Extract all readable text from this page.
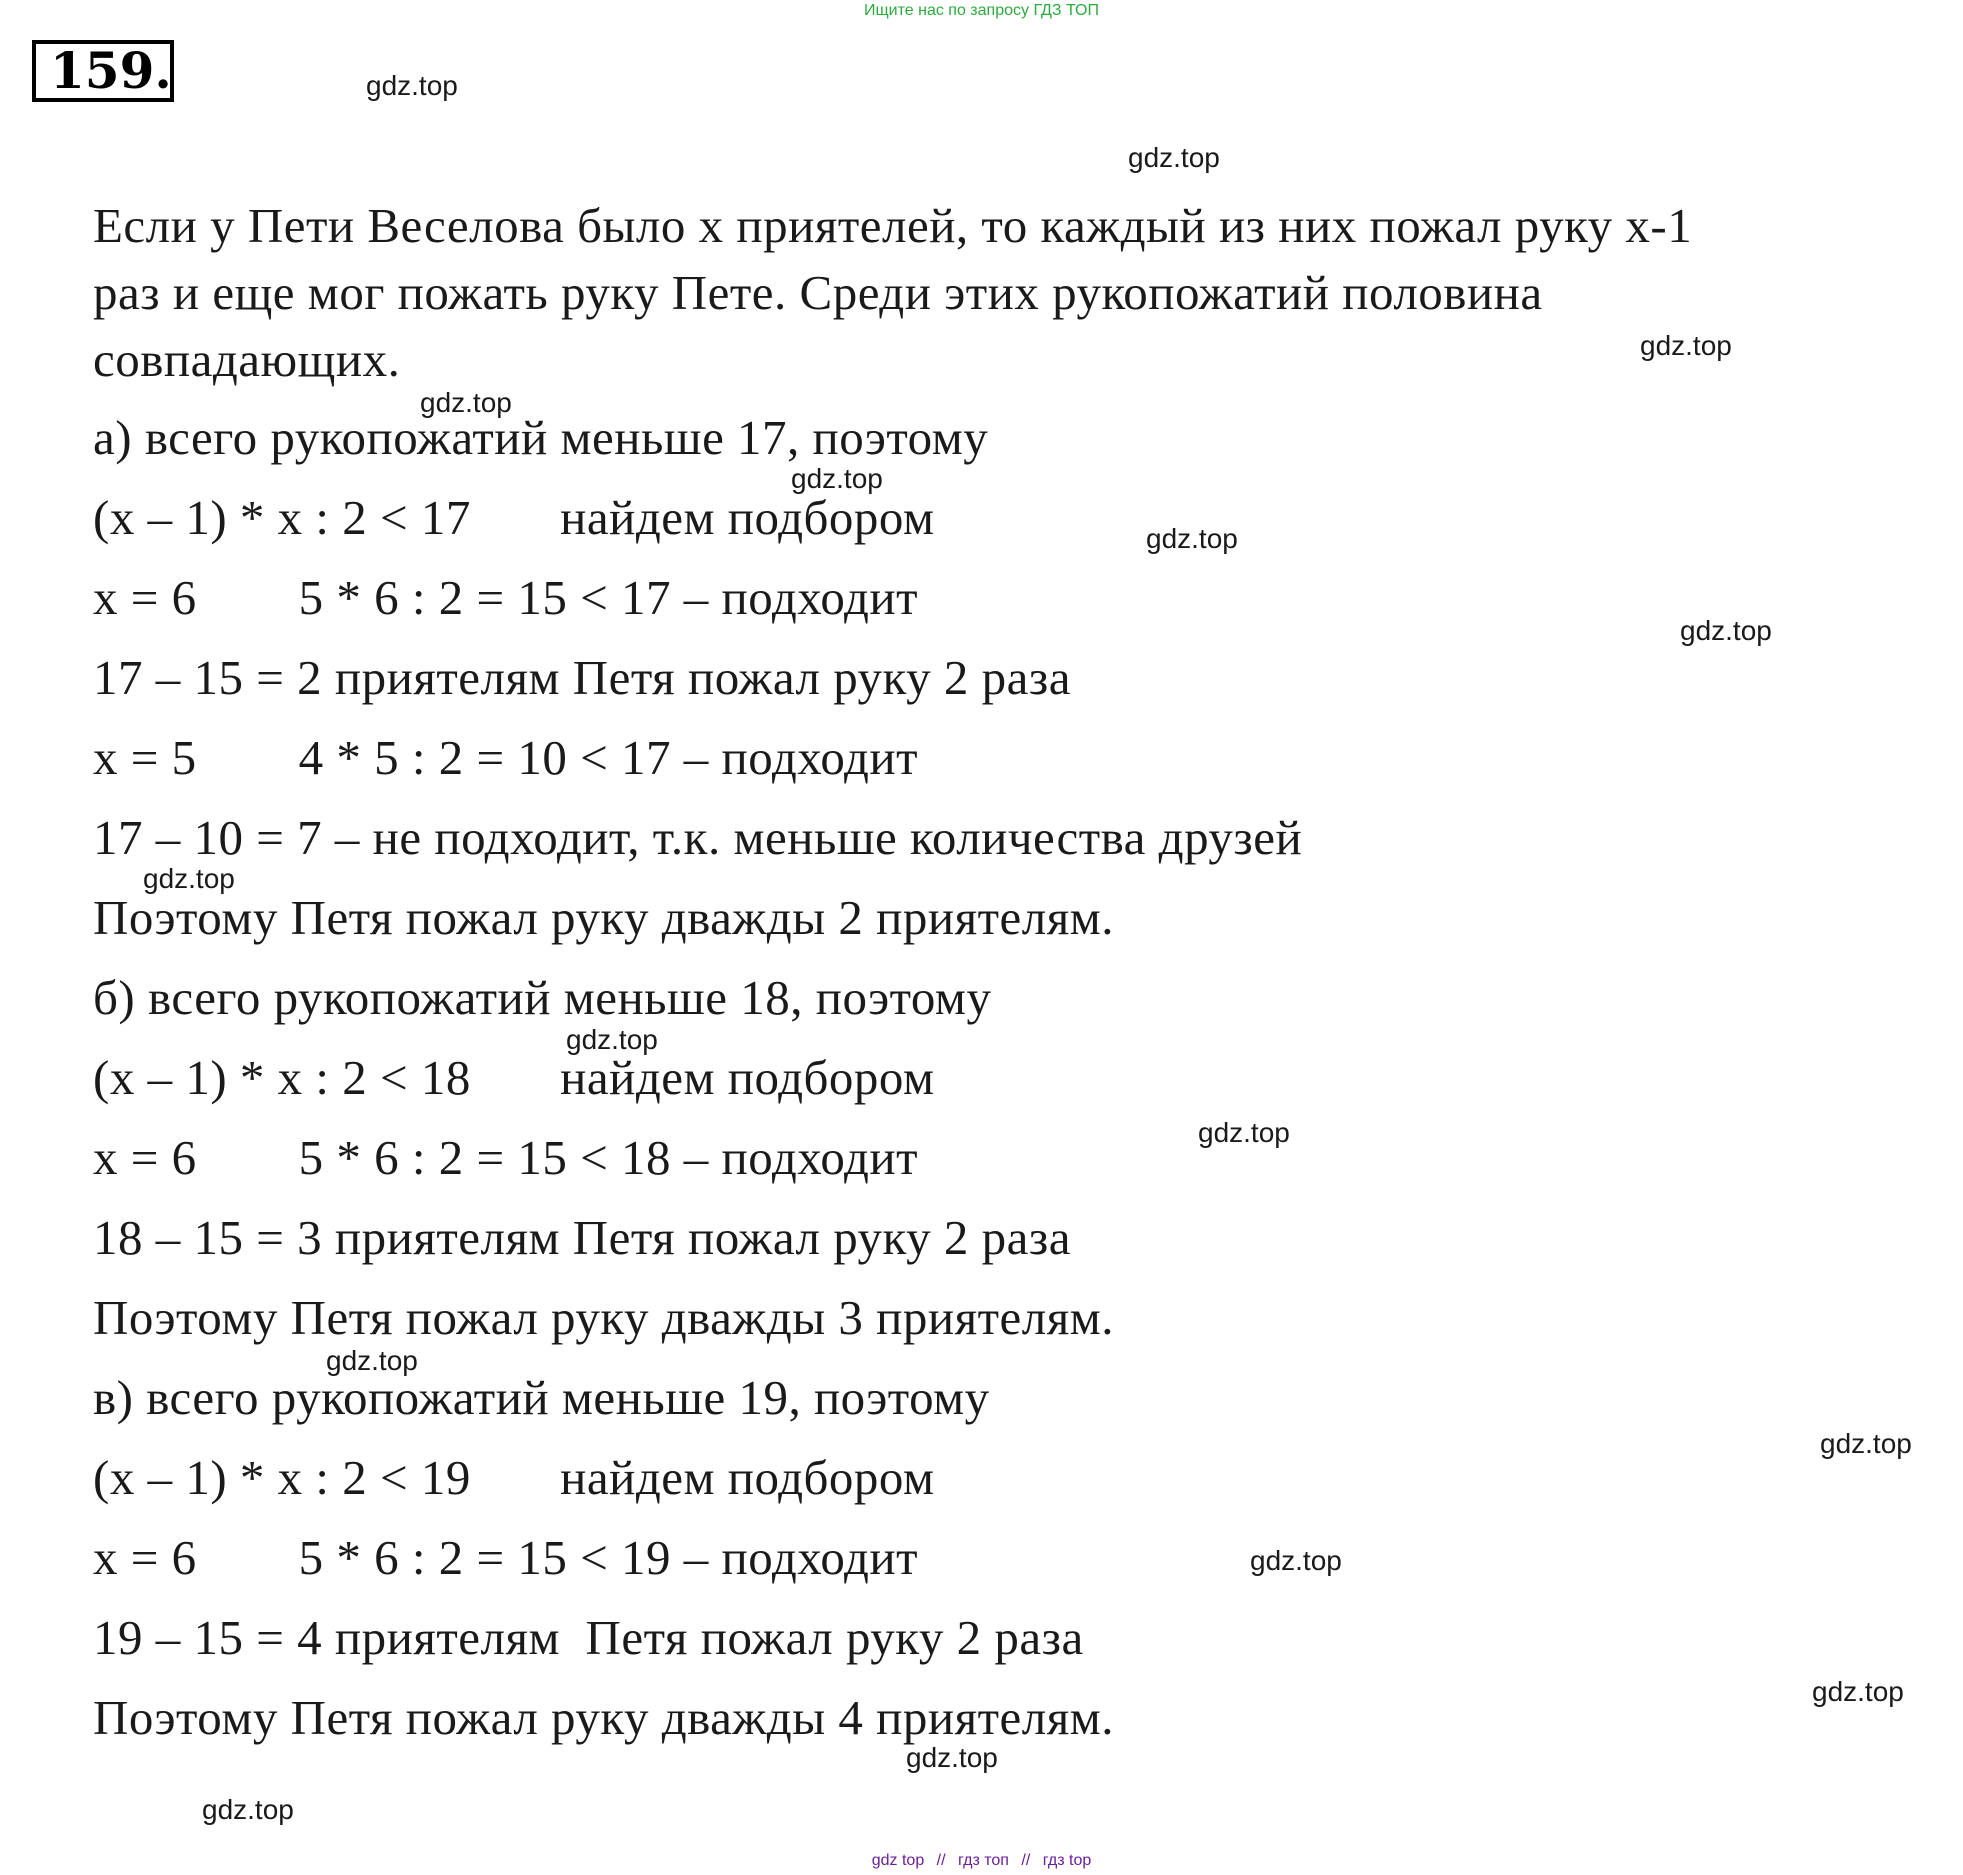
Ищите нас по запросу ГДЗ ТОП
159.
Если у Пети Веселова было x приятелей, то каждый из них пожал руку x-1
раз и еще мог пожать руку Пете. Среди этих рукопожатий половина
совпадающих.
а) всего рукопожатий меньше 17, поэтому
(x – 1) * x : 2 < 17       найдем подбором
x = 6        5 * 6 : 2 = 15 < 17 – подходит
17 – 15 = 2 приятелям Петя пожал руку 2 раза
x = 5        4 * 5 : 2 = 10 < 17 – подходит
17 – 10 = 7 – не подходит, т.к. меньше количества друзей
Поэтому Петя пожал руку дважды 2 приятелям.
б) всего рукопожатий меньше 18, поэтому
(x – 1) * x : 2 < 18       найдем подбором
x = 6        5 * 6 : 2 = 15 < 18 – подходит
18 – 15 = 3 приятелям Петя пожал руку 2 раза
Поэтому Петя пожал руку дважды 3 приятелям.
в) всего рукопожатий меньше 19, поэтому
(x – 1) * x : 2 < 19       найдем подбором
x = 6        5 * 6 : 2 = 15 < 19 – подходит
19 – 15 = 4 приятелям  Петя пожал руку 2 раза
Поэтому Петя пожал руку дважды 4 приятелям.
gdz.top
gdz.top
gdz.top
gdz.top
gdz.top
gdz.top
gdz.top
gdz.top
gdz.top
gdz.top
gdz.top
gdz.top
gdz.top
gdz.top
gdz.top
gdz.top
gdz top // гдз топ // гдз top
